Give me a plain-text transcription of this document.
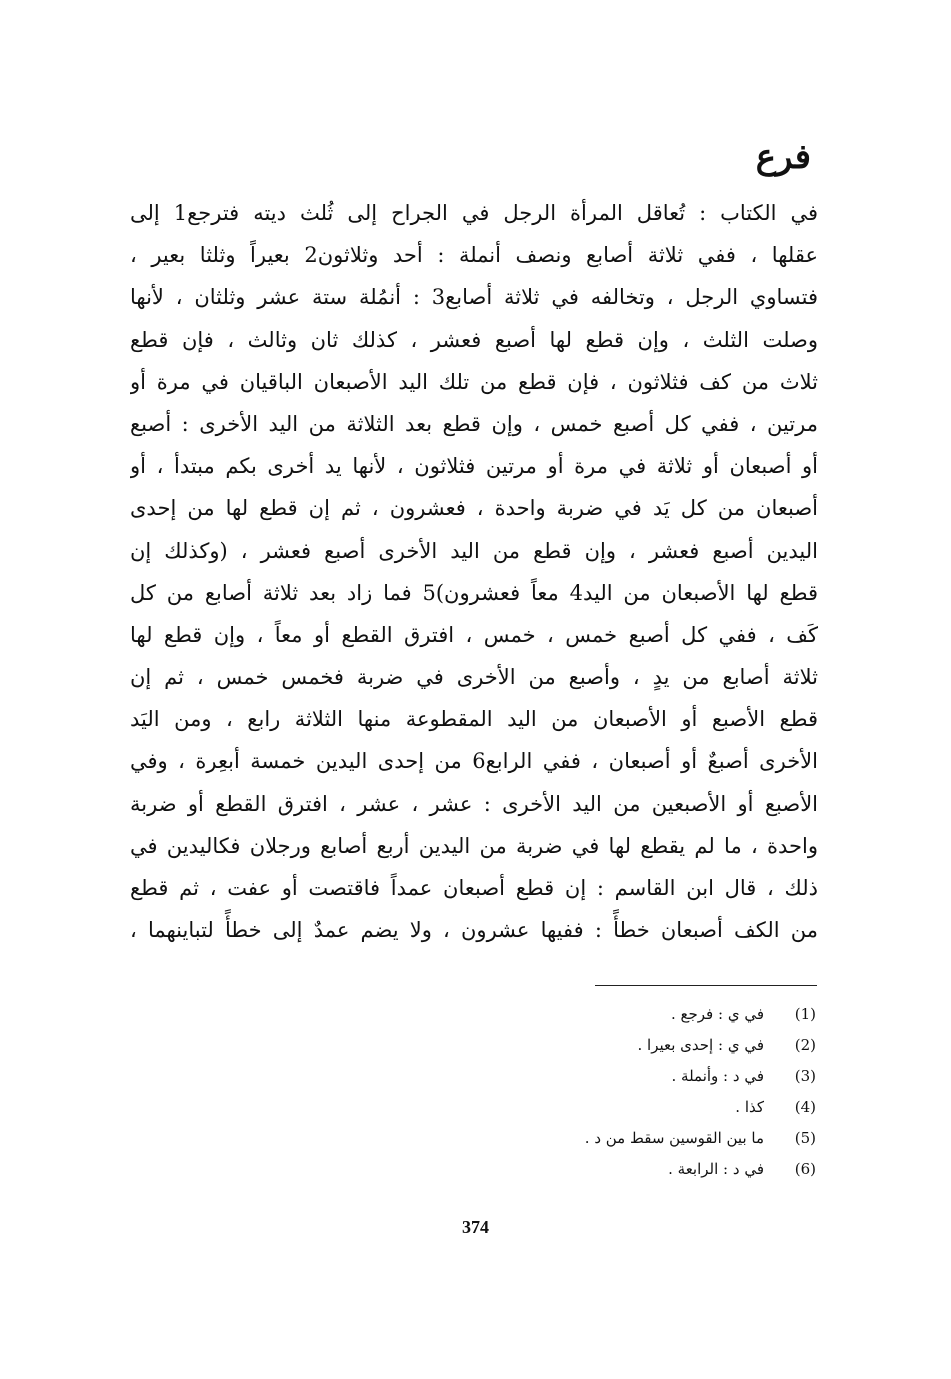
فرع
في الكتاب : تُعاقل المرأة الرجل في الجراح إلى ثُلث ديته فترجع1 إلى
عقلها ، ففي ثلاثة أصابع ونصف أنملة : أحد وثلاثون2 بعيراً وثلثا بعير ،
فتساوي الرجل ، وتخالفه في ثلاثة أصابع3 : أنمُلة ستة عشر وثلثان ، لأنها
وصلت الثلث ، وإن قطع لها أصبع فعشر ، كذلك ثان وثالث ، فإن قطع
ثلاث من كف فثلاثون ، فإن قطع من تلك اليد الأصبعان الباقيان في مرة أو
مرتين ، ففي كل أصبع خمس ، وإن قطع بعد الثلاثة من اليد الأخرى : أصبع
أو أصبعان أو ثلاثة في مرة أو مرتين فثلاثون ، لأنها يد أخرى بكم مبتدأ ، أو
أصبعان من كل يَد في ضربة واحدة ، فعشرون ، ثم إن قطع لها من إحدى
اليدين أصبع فعشر ، وإن قطع من اليد الأخرى أصبع فعشر ، (وكذلك إن
قطع لها الأصبعان من اليد4 معاً فعشرون)5 فما زاد بعد ثلاثة أصابع من كل
كَف ، ففي كل أصبع خمس ، خمس ، افترق القطع أو معاً ، وإن قطع لها
ثلاثة أصابع من يدٍ ، وأصبع من الأخرى في ضربة فخمس خمس ، ثم إن
قطع الأصبع أو الأصبعان من اليد المقطوعة منها الثلاثة رابع ، ومن اليَد
الأخرى أصبعٌ أو أصبعان ، ففي الرابع6 من إحدى اليدين خمسة أبعِرة ، وفي
الأصبع أو الأصبعين من اليد الأخرى : عشر ، عشر ، افترق القطع أو ضربة
واحدة ، ما لم يقطع لها في ضربة من اليدين أربع أصابع ورجلان فكاليدين في
ذلك ، قال ابن القاسم : إن قطع أصبعان عمداً فاقتصت أو عفت ، ثم قطع
من الكف أصبعان خطأً : ففيها عشرون ، ولا يضم عمدٌ إلى خطأً لتباينهما ،
(1)
في ي : فرجع .
(2)
في ي : إحدى بعيرا .
(3)
في د : وأنملة .
(4)
كذا .
(5)
ما بين القوسين سقط من د .
(6)
في د : الرابعة .
374
